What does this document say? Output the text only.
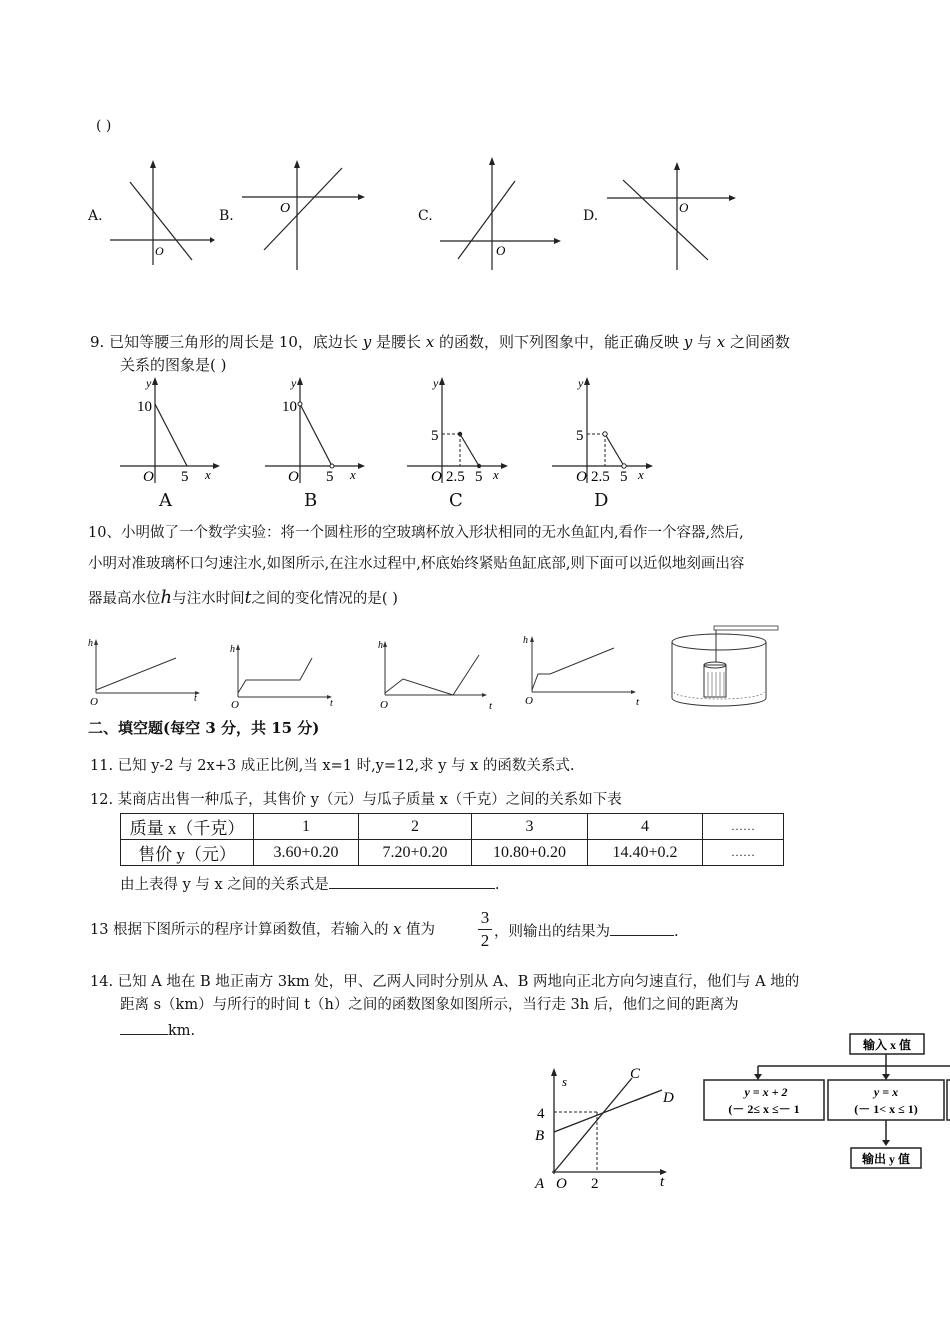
( )
A.
O
B.	O	C.
O
D.
O
9. 已知等腰三角形的周长是 10，底边长 y 是腰长 x 的函数，则下列图象中，能正确反映 y 与 x 之间函数
关系的图象是( )
y
10
O 5 x
A
y
10
O 5 x
B
y
5
O 2.5 5 x
C
y
5
O 2.5 5 x
D
10、小明做了一个数学实验：将一个圆柱形的空玻璃杯放入形状相同的无水鱼缸内,看作一个容器,然后,
小明对准玻璃杯口匀速注水,如图所示,在注水过程中,杯底始终紧贴鱼缸底部,则下面可以近似地刻画出容
器最高水位h与注水时间t之间的变化情况的是( )
h
O	t
h
O	t
h
O	t
h
O	t
二、填空题(每空 3 分，共 15 分)
11. 已知 y-2 与 2x+3 成正比例,当 x=1 时,y=12,求 y 与 x 的函数关系式.
12. 某商店出售一种瓜子，其售价 y（元）与瓜子质量 x（千克）之间的关系如下表
质量 x（千克）	1	2	3	4	……
售价 y（元）	3.60+0.20	7.20+0.20	10.80+0.20	14.40+0.2	……
由上表得 y 与 x 之间的关系式是	.
13 根据下图所示的程序计算函数值，若输入的 x 值为
3
2 ，则输出的结果为	.
14. 已知 A 地在 B 地正南方 3km 处，甲、乙两人同时分别从 A、B 两地向正北方向匀速直行，他们与 A 地的
距离 s（km）与所行的时间 t（h）之间的函数图象如图所示，当行走 3h 后，他们之间的距离为
km.
s	C
D
4
B
A O 2	t
输入 x 值
y = x + 2
(－ 2≤ x ≤－ 1
y = x
(－ 1< x ≤ 1)
输出 y 值
